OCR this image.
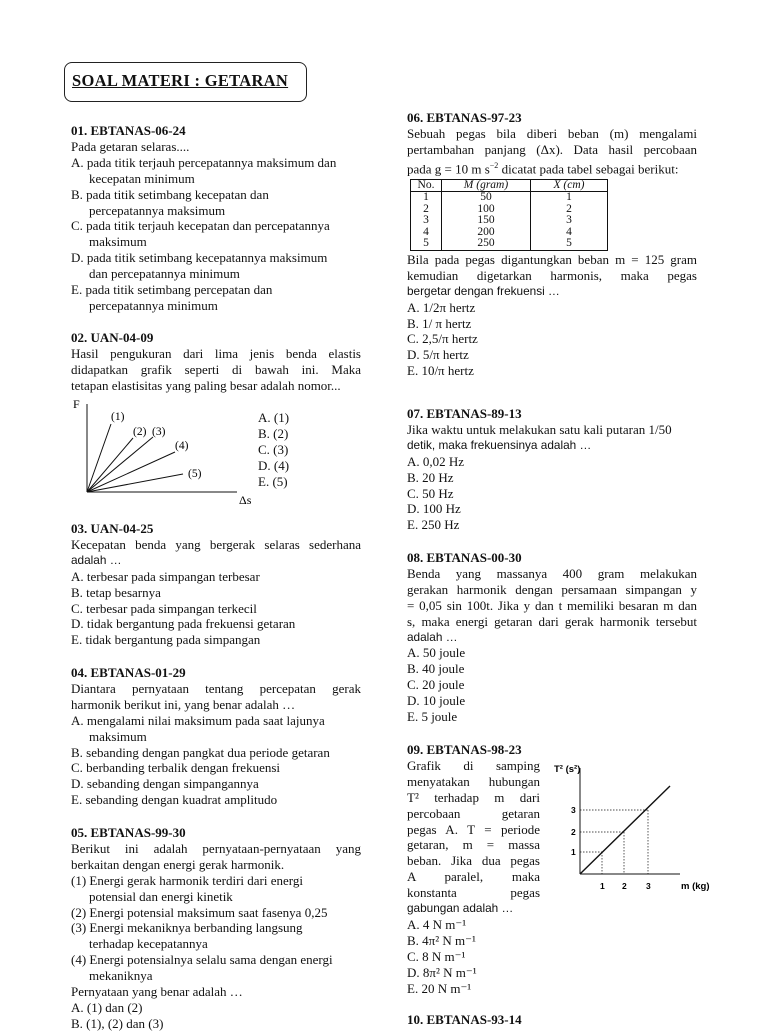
SOAL MATERI : GETARAN
01. EBTANAS-06-24
Pada getaran selaras....
A. pada titik terjauh percepatannya maksimum dan
kecepatan minimum
B. pada titik setimbang kecepatan dan
percepatannya maksimum
C. pada titik terjauh kecepatan dan percepatannya
maksimum
D. pada titik setimbang kecepatannya maksimum
dan percepatannya minimum
E. pada titik setimbang percepatan dan
percepatannya minimum
02. UAN-04-09
Hasil pengukuran dari lima jenis benda elastis
didapatkan grafik seperti di bawah ini. Maka
tetapan elastisitas yang paling besar adalah nomor...
F
Δs
(1)
(2) (3)
(4)
(5)
A. (1)
B. (2)
C. (3)
D. (4)
E. (5)
03. UAN-04-25
Kecepatan benda yang bergerak selaras sederhana
adalah …
A. terbesar pada simpangan terbesar
B. tetap besarnya
C. terbesar pada simpangan terkecil
D. tidak bergantung pada frekuensi getaran
E. tidak bergantung pada simpangan
04. EBTANAS-01-29
Diantara pernyataan tentang percepatan gerak
harmonik berikut ini, yang benar adalah …
A. mengalami nilai maksimum pada saat lajunya
maksimum
B. sebanding dengan pangkat dua periode getaran
C. berbanding terbalik dengan frekuensi
D. sebanding dengan simpangannya
E. sebanding dengan kuadrat amplitudo
05. EBTANAS-99-30
Berikut ini adalah pernyataan-pernyataan yang
berkaitan dengan energi gerak harmonik.
(1) Energi gerak harmonik terdiri dari energi
potensial dan energi kinetik
(2) Energi potensial maksimum saat fasenya 0,25
(3) Energi mekaniknya berbanding langsung
terhadap kecepatannya
(4) Energi potensialnya selalu sama dengan energi
mekaniknya
Pernyataan yang benar adalah …
A. (1) dan (2)
B. (1), (2) dan (3)
06. EBTANAS-97-23
Sebuah pegas bila diberi beban (m) mengalami
pertambahan panjang (Δx). Data hasil percobaan
pada g = 10 m $s^{-2}$ dicatat pada tabel sebagai berikut:
No.	M (gram)	X (cm)
1	50	1
2	100	2
3	150	3
4	200	4
5	250	5
Bila pada pegas digantungkan beban m = 125 gram
kemudian digetarkan harmonis, maka pegas
bergetar dengan frekuensi …
A. 1/2π hertz
B. 1/ π hertz
C. 2,5/π hertz
D. 5/π hertz
E. 10/π hertz
07. EBTANAS-89-13
Jika waktu untuk melakukan satu kali putaran 1/50
detik, maka frekuensinya adalah …
A. 0,02 Hz
B. 20 Hz
C. 50 Hz
D. 100 Hz
E. 250 Hz
08. EBTANAS-00-30
Benda yang massanya 400 gram melakukan
gerakan harmonik dengan persamaan simpangan y
= 0,05 sin 100t. Jika y dan t memiliki besaran m dan
s, maka energi getaran dari gerak harmonik tersebut
adalah …
A. 50 joule
B. 40 joule
C. 20 joule
D. 10 joule
E. 5 joule
09. EBTANAS-98-23
Grafik di samping
menyatakan hubungan
T² terhadap m dari
percobaan getaran
pegas A. T = periode
getaran, m = massa
beban. Jika dua pegas
A paralel, maka
konstanta pegas
gabungan adalah …
A. 4 N m⁻¹
B. 4π² N m⁻¹
C. 8 N m⁻¹
D. 8π² N m⁻¹
E. 20 N m⁻¹
10. EBTANAS-93-14
T² (s²)
m (kg)
1
2
3
1 2 3
